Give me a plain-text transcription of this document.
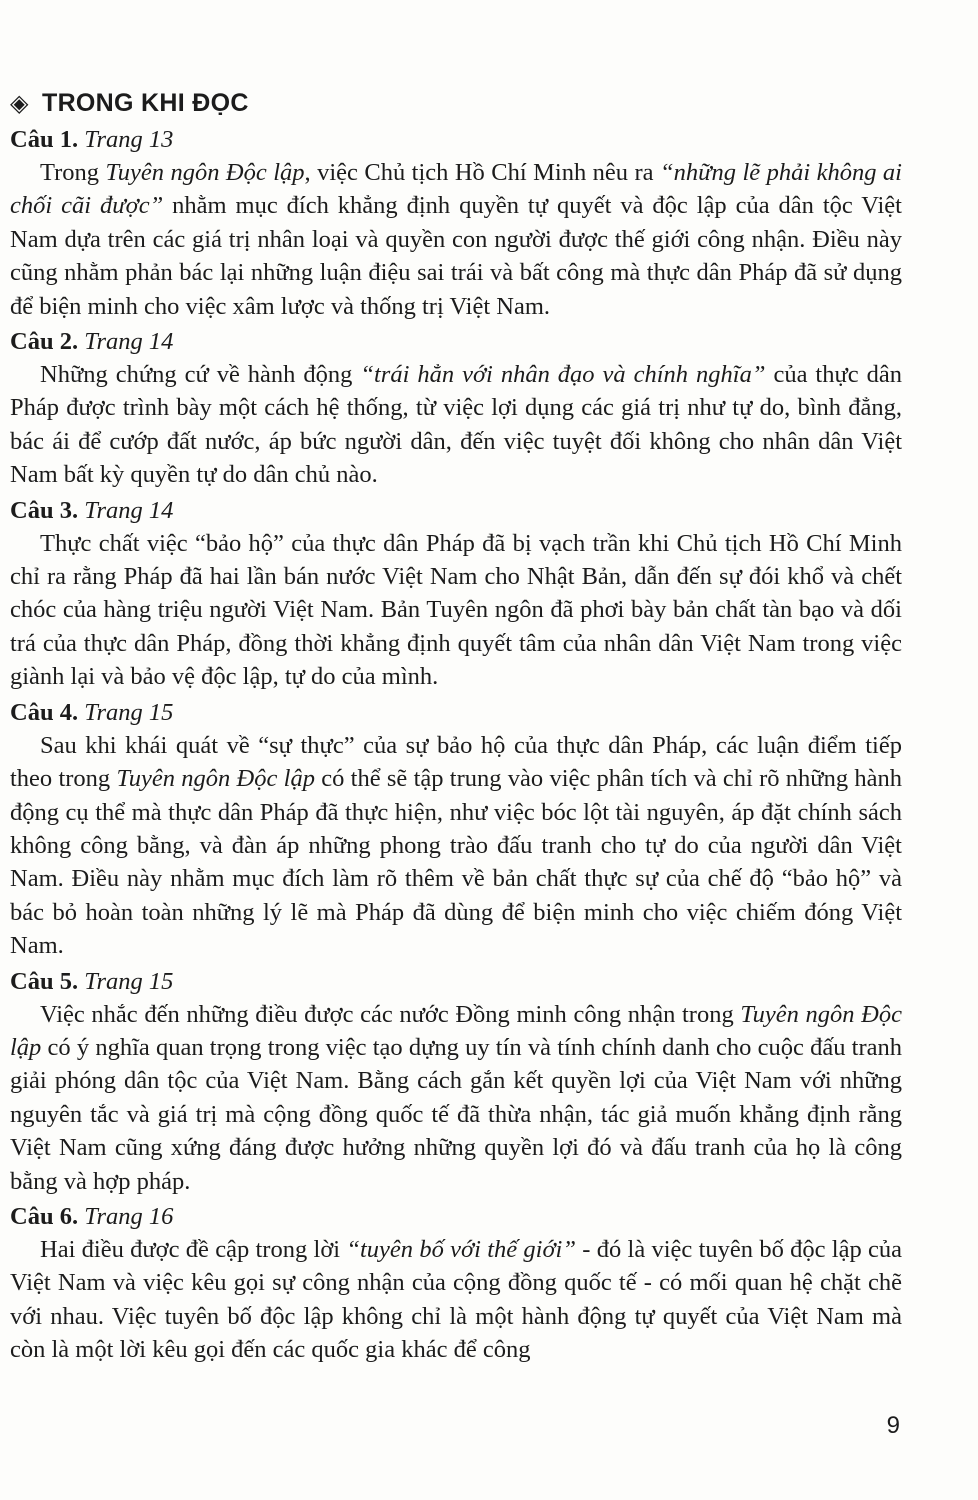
◈ TRONG KHI ĐỌC
Câu 1. Trang 13

Trong Tuyên ngôn Độc lập, việc Chủ tịch Hồ Chí Minh nêu ra “những lẽ phải không ai chối cãi được” nhằm mục đích khẳng định quyền tự quyết và độc lập của dân tộc Việt Nam dựa trên các giá trị nhân loại và quyền con người được thế giới công nhận. Điều này cũng nhằm phản bác lại những luận điệu sai trái và bất công mà thực dân Pháp đã sử dụng để biện minh cho việc xâm lược và thống trị Việt Nam.

Câu 2. Trang 14

Những chứng cứ về hành động “trái hẳn với nhân đạo và chính nghĩa” của thực dân Pháp được trình bày một cách hệ thống, từ việc lợi dụng các giá trị như tự do, bình đẳng, bác ái để cướp đất nước, áp bức người dân, đến việc tuyệt đối không cho nhân dân Việt Nam bất kỳ quyền tự do dân chủ nào.

Câu 3. Trang 14

Thực chất việc “bảo hộ” của thực dân Pháp đã bị vạch trần khi Chủ tịch Hồ Chí Minh chỉ ra rằng Pháp đã hai lần bán nước Việt Nam cho Nhật Bản, dẫn đến sự đói khổ và chết chóc của hàng triệu người Việt Nam. Bản Tuyên ngôn đã phơi bày bản chất tàn bạo và dối trá của thực dân Pháp, đồng thời khẳng định quyết tâm của nhân dân Việt Nam trong việc giành lại và bảo vệ độc lập, tự do của mình.

Câu 4. Trang 15

Sau khi khái quát về “sự thực” của sự bảo hộ của thực dân Pháp, các luận điểm tiếp theo trong Tuyên ngôn Độc lập có thể sẽ tập trung vào việc phân tích và chỉ rõ những hành động cụ thể mà thực dân Pháp đã thực hiện, như việc bóc lột tài nguyên, áp đặt chính sách không công bằng, và đàn áp những phong trào đấu tranh cho tự do của người dân Việt Nam. Điều này nhằm mục đích làm rõ thêm về bản chất thực sự của chế độ “bảo hộ” và bác bỏ hoàn toàn những lý lẽ mà Pháp đã dùng để biện minh cho việc chiếm đóng Việt Nam.

Câu 5. Trang 15

Việc nhắc đến những điều được các nước Đồng minh công nhận trong Tuyên ngôn Độc lập có ý nghĩa quan trọng trong việc tạo dựng uy tín và tính chính danh cho cuộc đấu tranh giải phóng dân tộc của Việt Nam. Bằng cách gắn kết quyền lợi của Việt Nam với những nguyên tắc và giá trị mà cộng đồng quốc tế đã thừa nhận, tác giả muốn khẳng định rằng Việt Nam cũng xứng đáng được hưởng những quyền lợi đó và đấu tranh của họ là công bằng và hợp pháp.

Câu 6. Trang 16

Hai điều được đề cập trong lời “tuyên bố với thế giới” - đó là việc tuyên bố độc lập của Việt Nam và việc kêu gọi sự công nhận của cộng đồng quốc tế - có mối quan hệ chặt chẽ với nhau. Việc tuyên bố độc lập không chỉ là một hành động tự quyết của Việt Nam mà còn là một lời kêu gọi đến các quốc gia khác để công

9
